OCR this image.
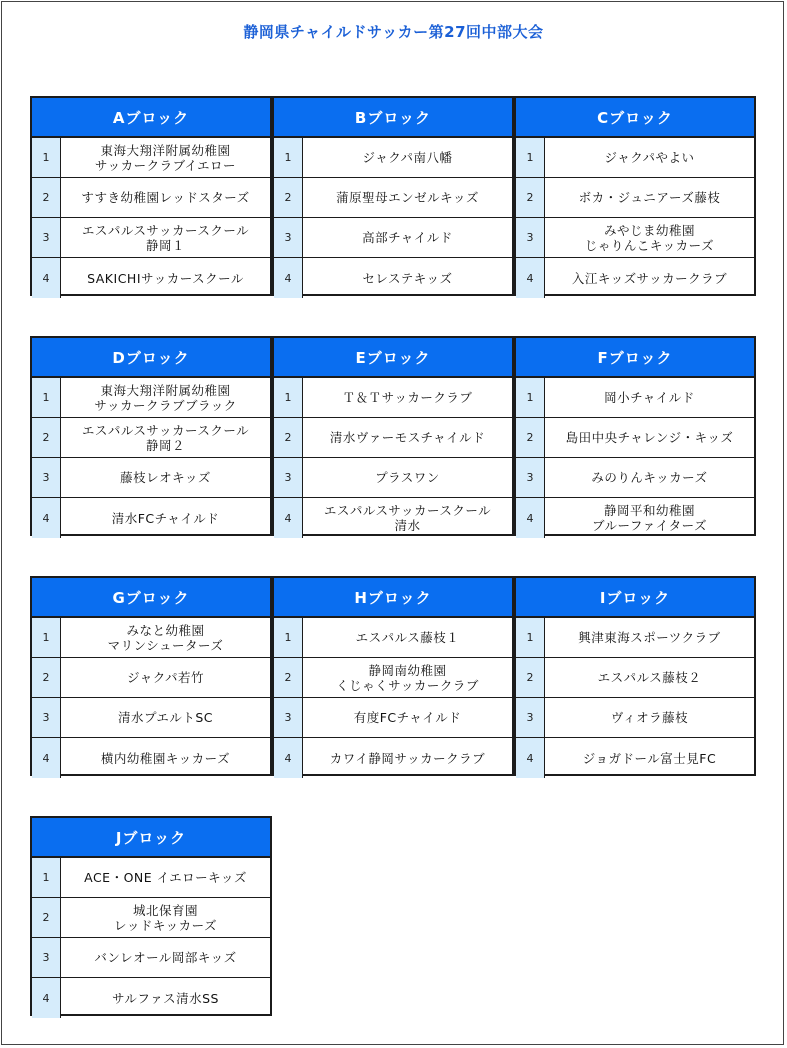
静岡県チャイルドサッカー第27回中部大会
Aブロック
1	東海大翔洋附属幼稚園
サッカークラブイエロー
2	すすき幼稚園レッドスターズ
3	エスパルスサッカースクール
静岡１
4	SAKICHIサッカースクール
Bブロック
1	ジャクパ南八幡
2	蒲原聖母エンゼルキッズ
3	高部チャイルド
4	セレステキッズ
Cブロック
1	ジャクパやよい
2	ボカ・ジュニアーズ藤枝
3	みやじま幼稚園
じゃりんこキッカーズ
4	入江キッズサッカークラブ
Dブロック
1	東海大翔洋附属幼稚園
サッカークラブブラック
2	エスパルスサッカースクール
静岡２
3	藤枝レオキッズ
4	清水FCチャイルド
Eブロック
1	Ｔ＆Ｔサッカークラブ
2	清水ヴァーモスチャイルド
3	プラスワン
4	エスパルスサッカースクール
清水
Fブロック
1	岡小チャイルド
2	島田中央チャレンジ・キッズ
3	みのりんキッカーズ
4	静岡平和幼稚園
ブルーファイターズ
Gブロック
1	みなと幼稚園
マリンシューターズ
2	ジャクパ若竹
3	清水プエルトSC
4	横内幼稚園キッカーズ
Hブロック
1	エスパルス藤枝１
2	静岡南幼稚園
くじゃくサッカークラブ
3	有度FCチャイルド
4	カワイ静岡サッカークラブ
Iブロック
1	興津東海スポーツクラブ
2	エスパルス藤枝２
3	ヴィオラ藤枝
4	ジョガドール富士見FC
Jブロック
1	ACE・ONE イエローキッズ
2	城北保育園
レッドキッカーズ
3	バンレオール岡部キッズ
4	サルファス清水SS
